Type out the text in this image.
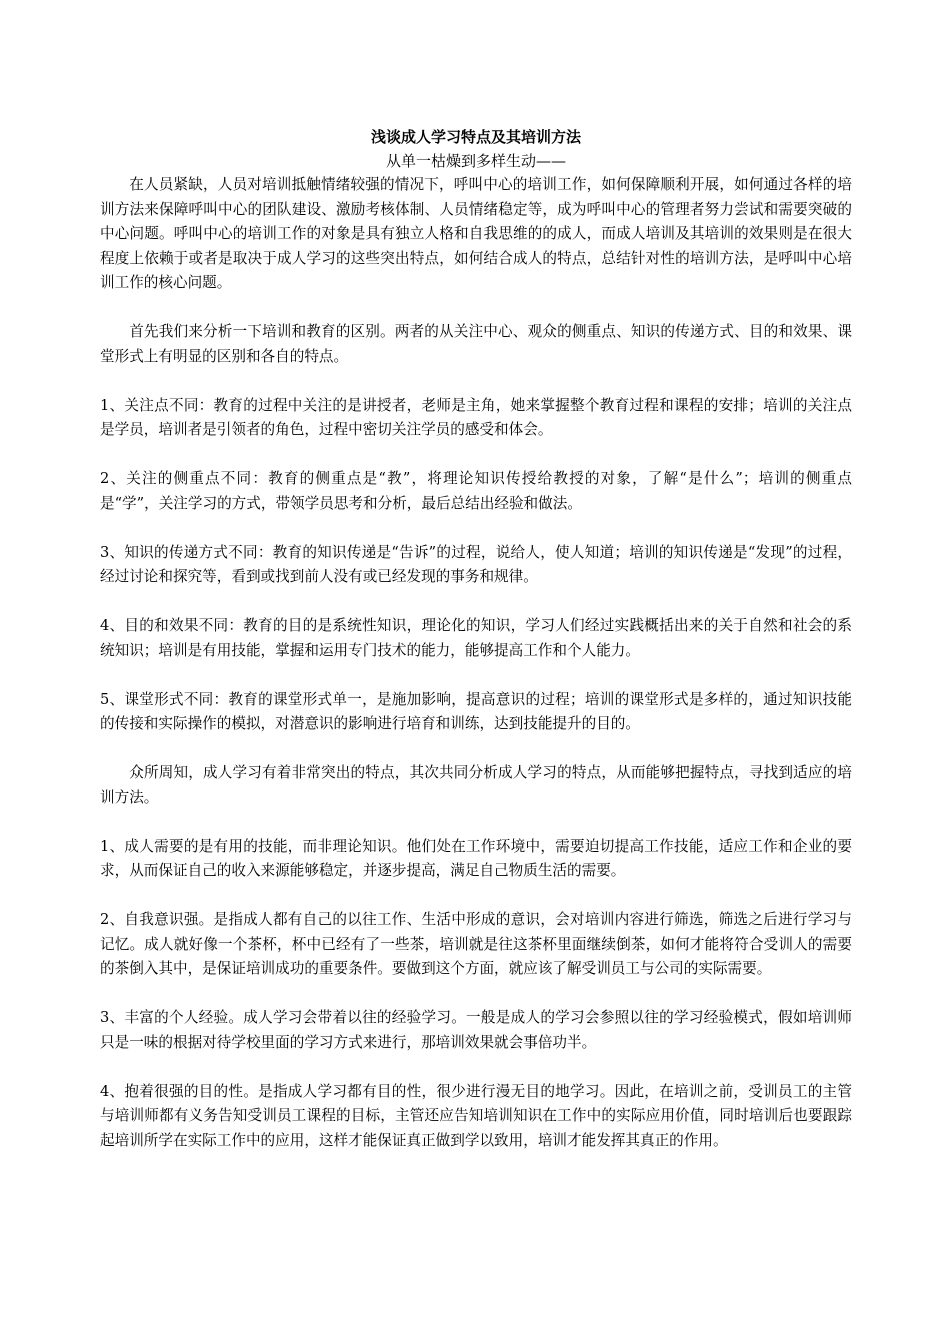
浅谈成人学习特点及其培训方法
从单一枯燥到多样生动——

在人员紧缺，人员对培训抵触情绪较强的情况下，呼叫中心的培训工作，如何保障顺利开展，如何通过各样的培训方法来保障呼叫中心的团队建设、激励考核体制、人员情绪稳定等，成为呼叫中心的管理者努力尝试和需要突破的中心问题。呼叫中心的培训工作的对象是具有独立人格和自我思维的的成人，而成人培训及其培训的效果则是在很大程度上依赖于或者是取决于成人学习的这些突出特点，如何结合成人的特点，总结针对性的培训方法，是呼叫中心培训工作的核心问题。

首先我们来分析一下培训和教育的区别。两者的从关注中心、观众的侧重点、知识的传递方式、目的和效果、课堂形式上有明显的区别和各自的特点。

1、关注点不同：教育的过程中关注的是讲授者，老师是主角，她来掌握整个教育过程和课程的安排；培训的关注点是学员，培训者是引领者的角色，过程中密切关注学员的感受和体会。

2、关注的侧重点不同：教育的侧重点是“教”，将理论知识传授给教授的对象，了解“是什么”；培训的侧重点是“学”，关注学习的方式，带领学员思考和分析，最后总结出经验和做法。

3、知识的传递方式不同：教育的知识传递是“告诉”的过程，说给人，使人知道；培训的知识传递是“发现”的过程，经过讨论和探究等，看到或找到前人没有或已经发现的事务和规律。

4、目的和效果不同：教育的目的是系统性知识，理论化的知识，学习人们经过实践概括出来的关于自然和社会的系统知识；培训是有用技能，掌握和运用专门技术的能力，能够提高工作和个人能力。

5、课堂形式不同：教育的课堂形式单一，是施加影响，提高意识的过程；培训的课堂形式是多样的，通过知识技能的传接和实际操作的模拟，对潜意识的影响进行培育和训练，达到技能提升的目的。

众所周知，成人学习有着非常突出的特点，其次共同分析成人学习的特点，从而能够把握特点，寻找到适应的培训方法。

1、成人需要的是有用的技能，而非理论知识。他们处在工作环境中，需要迫切提高工作技能，适应工作和企业的要求，从而保证自己的收入来源能够稳定，并逐步提高，满足自己物质生活的需要。

2、自我意识强。是指成人都有自己的以往工作、生活中形成的意识，会对培训内容进行筛选，筛选之后进行学习与记忆。成人就好像一个茶杯，杯中已经有了一些茶，培训就是往这茶杯里面继续倒茶，如何才能将符合受训人的需要的茶倒入其中，是保证培训成功的重要条件。要做到这个方面，就应该了解受训员工与公司的实际需要。

3、丰富的个人经验。成人学习会带着以往的经验学习。一般是成人的学习会参照以往的学习经验模式，假如培训师只是一味的根据对待学校里面的学习方式来进行，那培训效果就会事倍功半。

4、抱着很强的目的性。是指成人学习都有目的性，很少进行漫无目的地学习。因此，在培训之前，受训员工的主管与培训师都有义务告知受训员工课程的目标，主管还应告知培训知识在工作中的实际应用价值，同时培训后也要跟踪起培训所学在实际工作中的应用，这样才能保证真正做到学以致用，培训才能发挥其真正的作用。
